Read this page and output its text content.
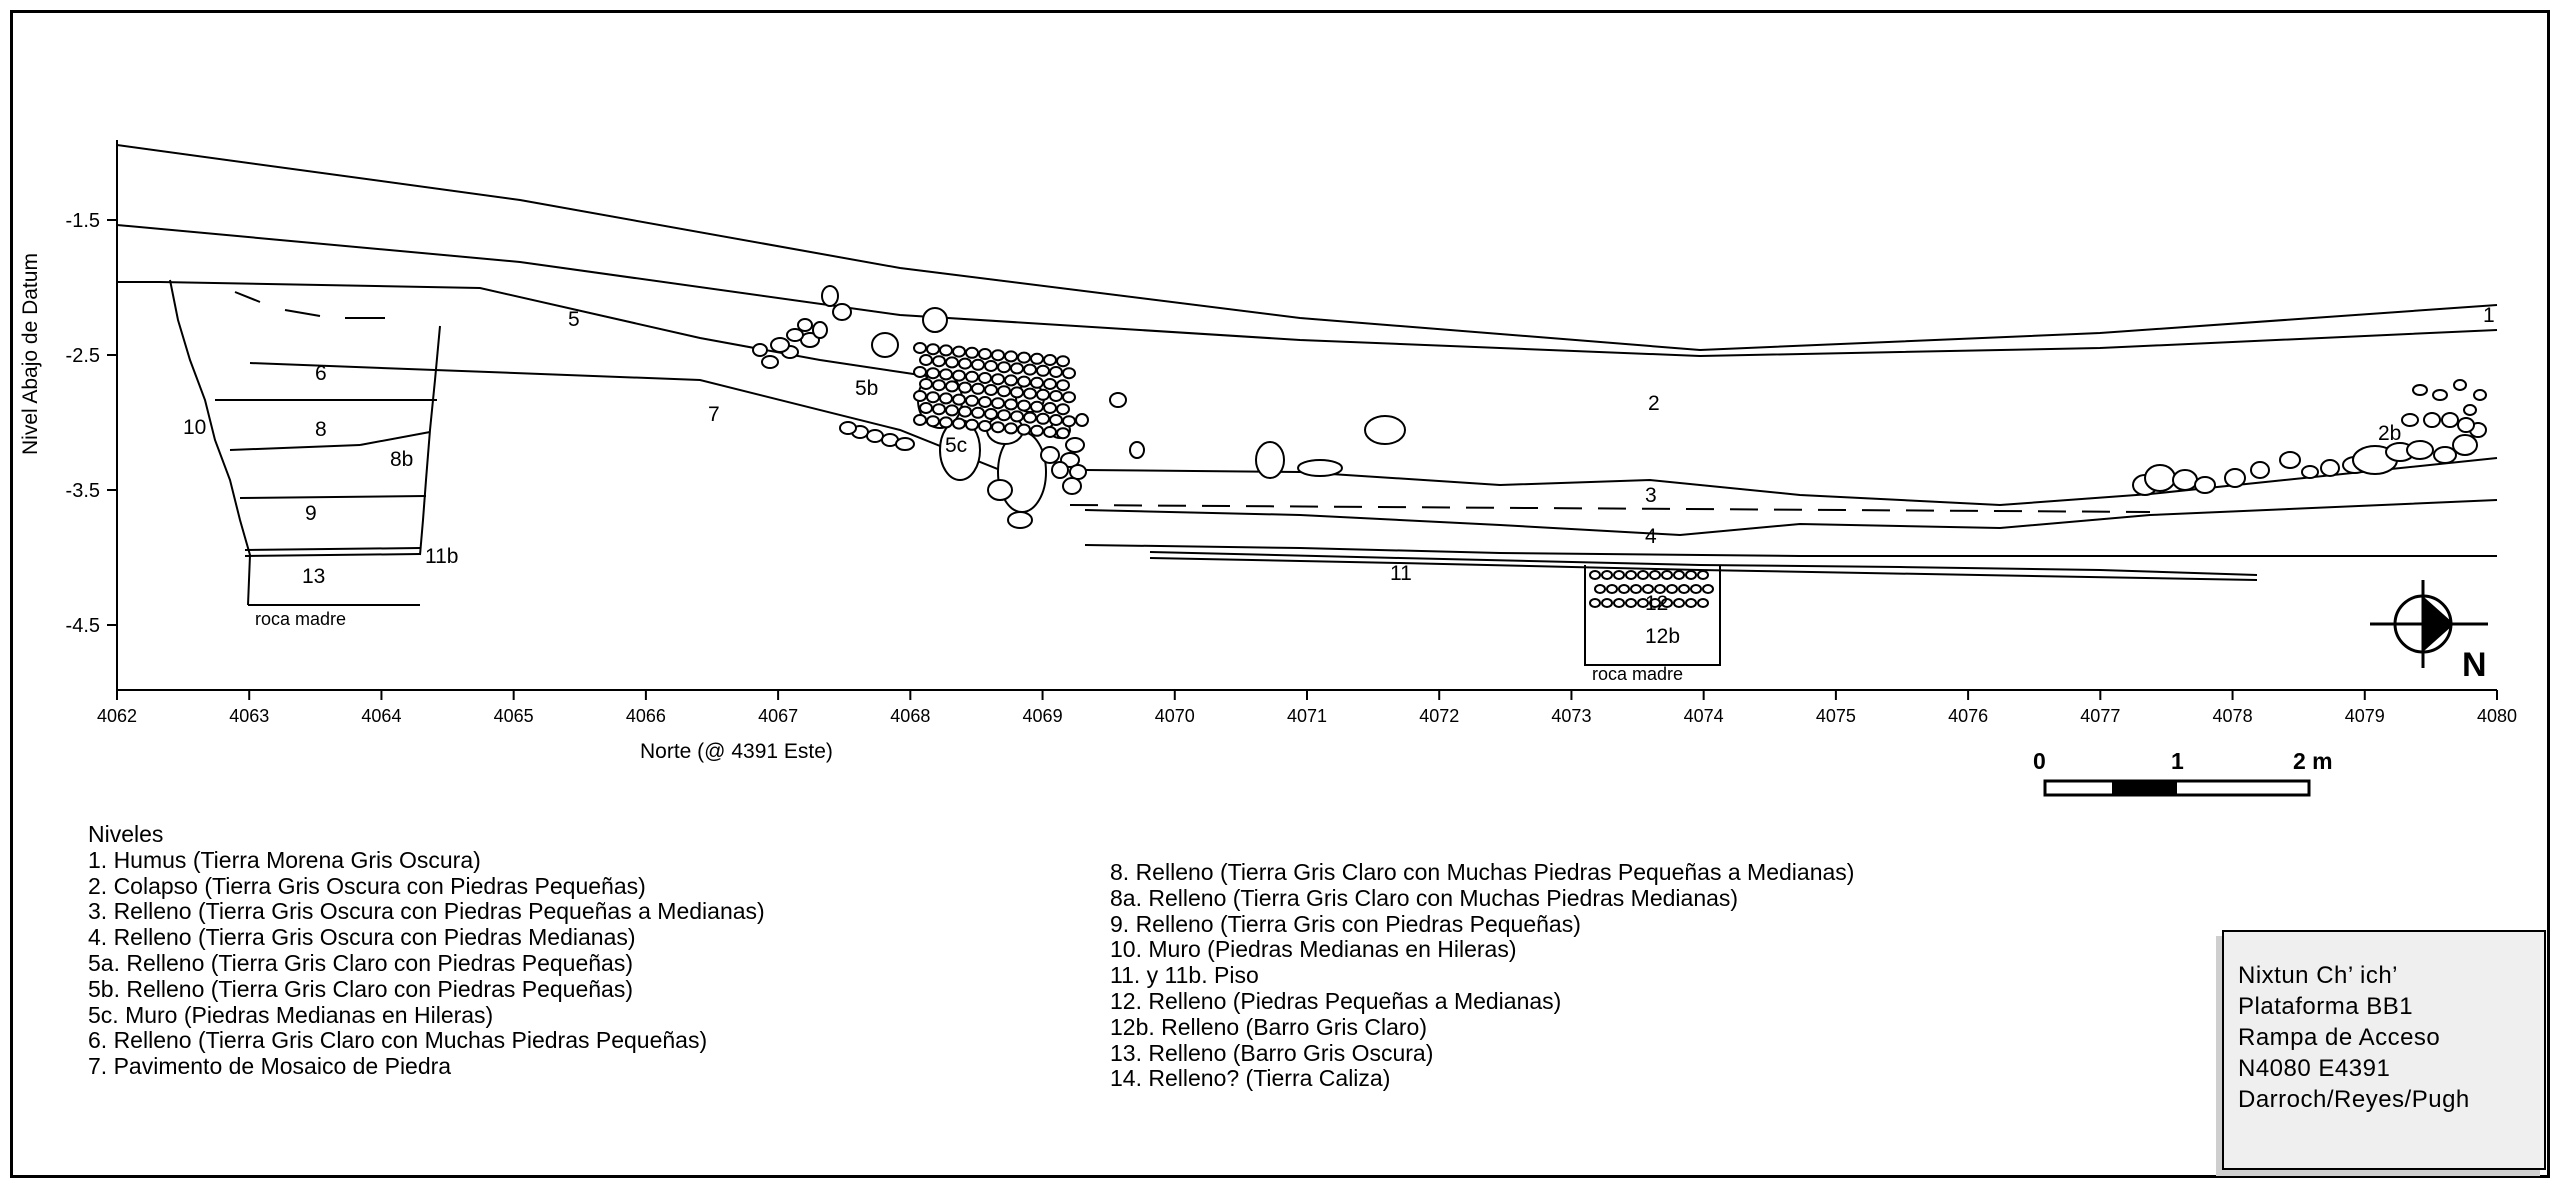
-1.5
-2.5
-3.5
-4.5
4062	4063	4064	4065	4066	4067	4068	4069	4070	4071	4072	4073	4074	4075	4076	4077	4078	4079	4080
Nivel Abajo de Datum
Norte (@ 4391 Este)
1
2
2b
3
4
5
5b
5c
6
7
8
8b
9
10
11
11b
12
12b
13
roca madre
roca madre	N
0	1	2 m
Niveles
1. Humus (Tierra Morena Gris Oscura)
2. Colapso (Tierra Gris Oscura con Piedras Pequeñas)
3. Relleno (Tierra Gris Oscura con Piedras Pequeñas a Medianas)
4. Relleno (Tierra Gris Oscura con Piedras Medianas)
5a. Relleno (Tierra Gris Claro con Piedras Pequeñas)
5b. Relleno (Tierra Gris Claro con Piedras Pequeñas)
5c. Muro (Piedras Medianas en Hileras)
6. Relleno (Tierra Gris Claro con Muchas Piedras Pequeñas)
7. Pavimento de Mosaico de Piedra
8. Relleno (Tierra Gris Claro con Muchas Piedras Pequeñas a Medianas)
8a. Relleno (Tierra Gris Claro con Muchas Piedras Medianas)
9. Relleno (Tierra Gris con Piedras Pequeñas)
10. Muro (Piedras Medianas en Hileras)
11. y 11b. Piso
12. Relleno (Piedras Pequeñas a Medianas)
12b. Relleno (Barro Gris Claro)
13. Relleno (Barro Gris Oscura)
14. Relleno? (Tierra Caliza)
Nixtun Ch’ ich’
Plataforma BB1
Rampa de Acceso
N4080 E4391
Darroch/Reyes/Pugh
